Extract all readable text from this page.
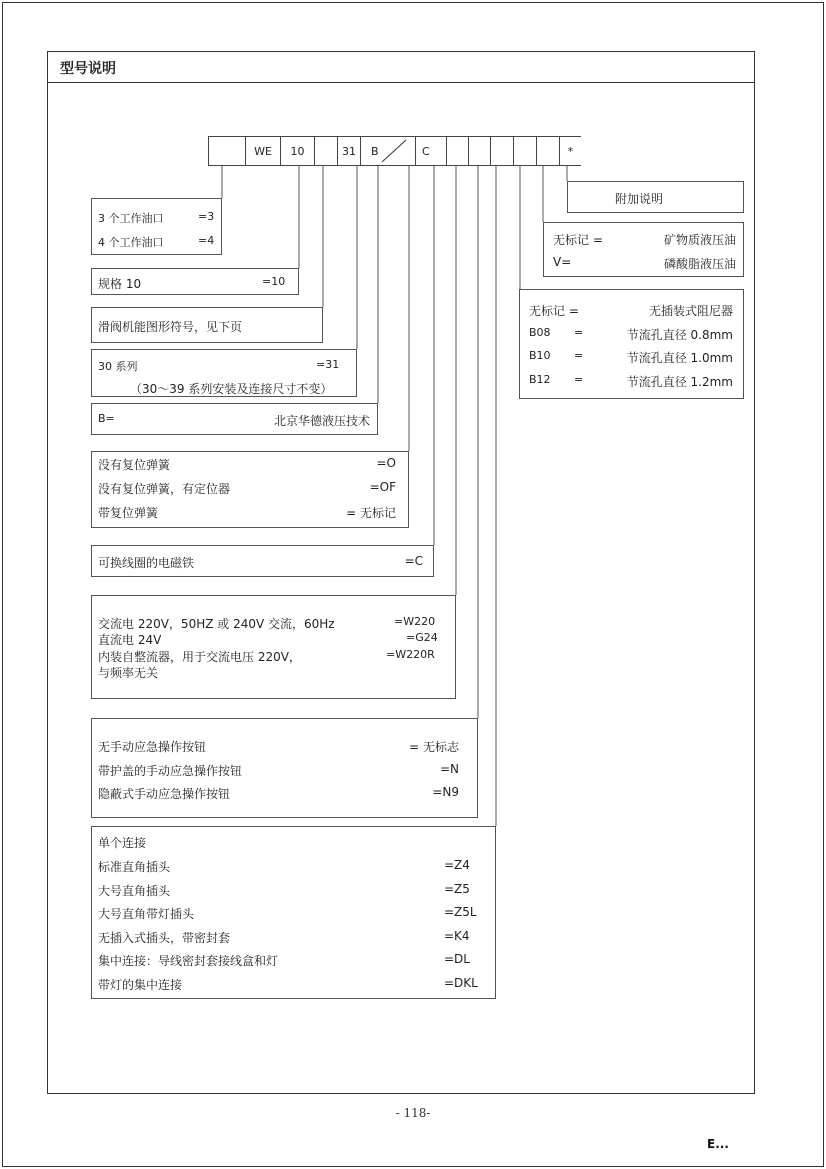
型号说明
WE	10	31	B	C	*
附加说明
无标记 =	矿物质液压油
V=	磷酸脂液压油
无标记 =	无插装式阻尼器
B08 =	节流孔直径 0.8mm
B10 =	节流孔直径 1.0mm
B12 =	节流孔直径 1.2mm
3 个工作油口	=3
4 个工作油口	=4
规格 10	=10
滑阀机能图形符号，见下页
30 系列	=31
（30～39 系列安装及连接尺寸不变）
B=	北京华德液压技术
没有复位弹簧	=O
没有复位弹簧，有定位器	=OF
带复位弹簧	= 无标记
可换线圈的电磁铁	=C
交流电 220V，50HZ 或 240V 交流，60Hz	=W220
直流电 24V	=G24
内装自整流器，用于交流电压 220V，	=W220R
与频率无关
无手动应急操作按钮	= 无标志
带护盖的手动应急操作按钮	=N
隐蔽式手动应急操作按钮	=N9
单个连接
标准直角插头	=Z4
大号直角插头	=Z5
大号直角带灯插头	=Z5L
无插入式插头，带密封套	=K4
集中连接：导线密封套接线盒和灯	=DL
带灯的集中连接	=DKL
- 118-
E...
